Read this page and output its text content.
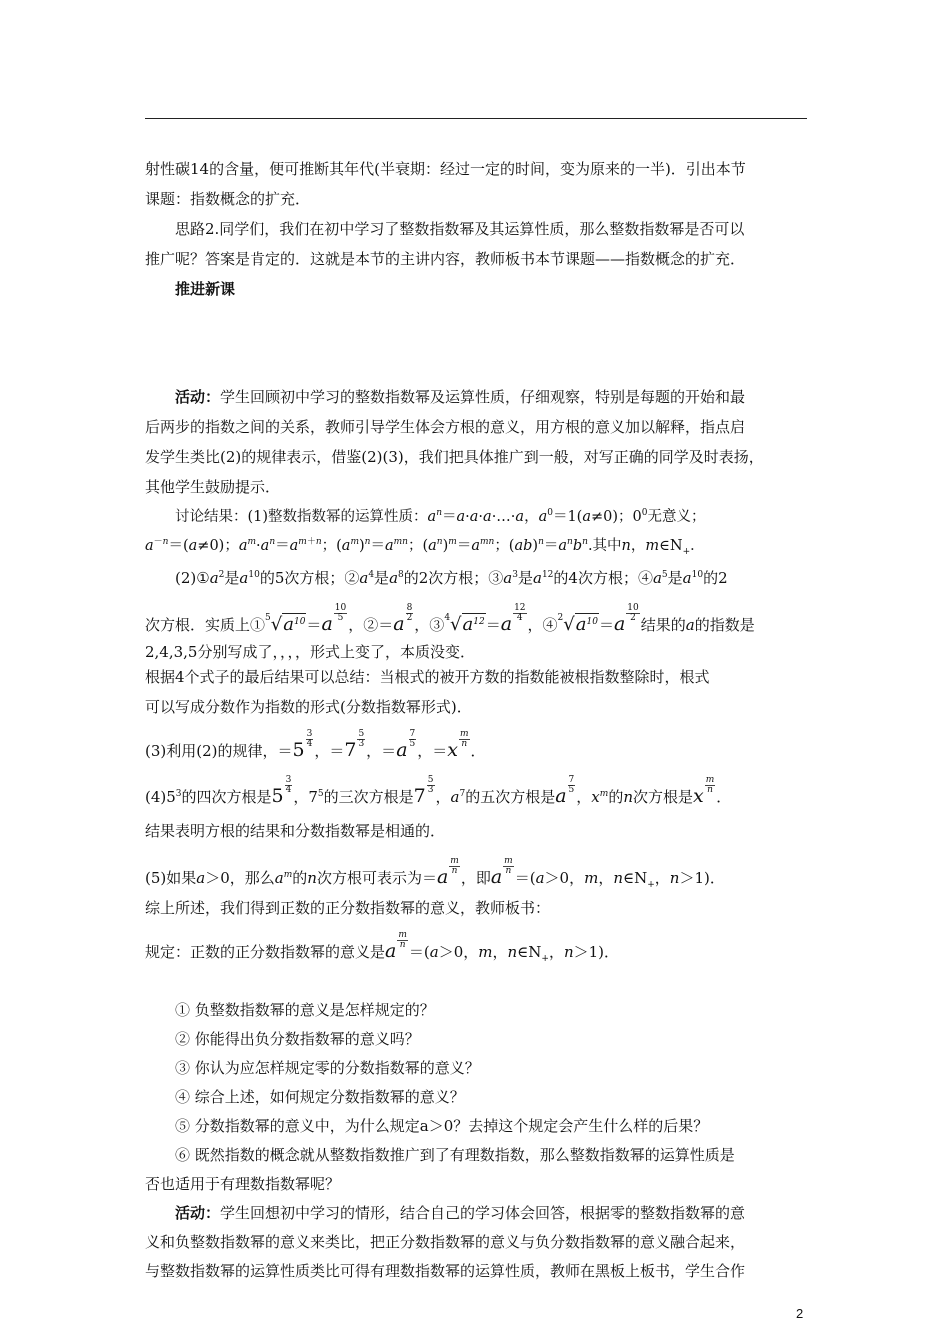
射性碳14的含量，便可推断其年代(半衰期：经过一定的时间，变为原来的一半)．引出本节

课题：指数概念的扩充．

思路2.同学们，我们在初中学习了整数指数幂及其运算性质，那么整数指数幂是否可以

推广呢？答案是肯定的．这就是本节的主讲内容，教师板书本节课题——指数概念的扩充．

推进新课

活动：学生回顾初中学习的整数指数幂及运算性质，仔细观察，特别是每题的开始和最

后两步的指数之间的关系，教师引导学生体会方根的意义，用方根的意义加以解释，指点启

发学生类比(2)的规律表示，借鉴(2)(3)，我们把具体推广到一般，对写正确的同学及时表扬，

其他学生鼓励提示．

讨论结果：(1)整数指数幂的运算性质：$a^n=a\cdot a\cdot a\cdot\dots\cdot a$，$a^0=1(a\ne 0)$；$0^0$无意义；

$a^{-n}=(a\ne 0)$；$a^m\cdot a^n=a^{m+n}$；$(a^m)^n=a^{mn}$；$(a^n)^m=a^{mn}$；$(ab)^n=a^nb^n$.其中n，$m\in N_+$．

$(2)①a^2$是$a^{10}$的5次方根；$②a^4$是$a^8$的2次方根；$③a^3$是$a^{12}$的4次方根；$④a^5$是$a^{10}$的2

次方根．实质上$①^5√a^{10}=a \frac{10}{5}$
，②＝a $\frac{8}{2}$
，$③^4√a^{12}=a \frac{12}{4}$
，$④^2√a^{10}=a \frac{10}{2}$
结果的a的指数是

2,4,3,5分别写成了，，，，形式上变了，本质没变．

根据4个式子的最后结果可以总结：当根式的被开方数的指数能被根指数整除时，根式

可以写成分数作为指数的形式(分数指数幂形式)．

(3)利用(2)的规律，$=5 \frac{3}{4}$
，$=7 \frac{5}{3}$
，$=a \frac{7}{5}$
，$=x \frac{m}{n}$
．

$(4)5^3$的四次方根是$5 \frac{3}{4}$
，$7^5$的三次方根是$7 \frac{5}{3}$
，$a^7$的五次方根是a $\frac{7}{5}$
，$x^m$的n次方根是x $\frac{m}{n}$
．

结果表明方根的结果和分数指数幂是相通的．

(5)如果a＞0，那么$a^m$的n次方根可表示为$=a \frac{m}{n}$
，即a $\frac{m}{n}$
＝(a＞0，m，$n\in N_+$，n＞1)．

综上所述，我们得到正数的正分数指数幂的意义，教师板书：

规定：正数的正分数指数幂的意义是a $\frac{m}{n}$
＝(a＞0，m，$n\in N_+$，n＞1)．

① 负整数指数幂的意义是怎样规定的？

② 你能得出负分数指数幂的意义吗？

③ 你认为应怎样规定零的分数指数幂的意义？

④ 综合上述，如何规定分数指数幂的意义？

⑤ 分数指数幂的意义中，为什么规定a＞0？去掉这个规定会产生什么样的后果？

⑥ 既然指数的概念就从整数指数推广到了有理数指数，那么整数指数幂的运算性质是

否也适用于有理数指数幂呢？

活动：学生回想初中学习的情形，结合自己的学习体会回答，根据零的整数指数幂的意

义和负整数指数幂的意义来类比，把正分数指数幂的意义与负分数指数幂的意义融合起来，

与整数指数幂的运算性质类比可得有理数指数幂的运算性质，教师在黑板上板书，学生合作

2
